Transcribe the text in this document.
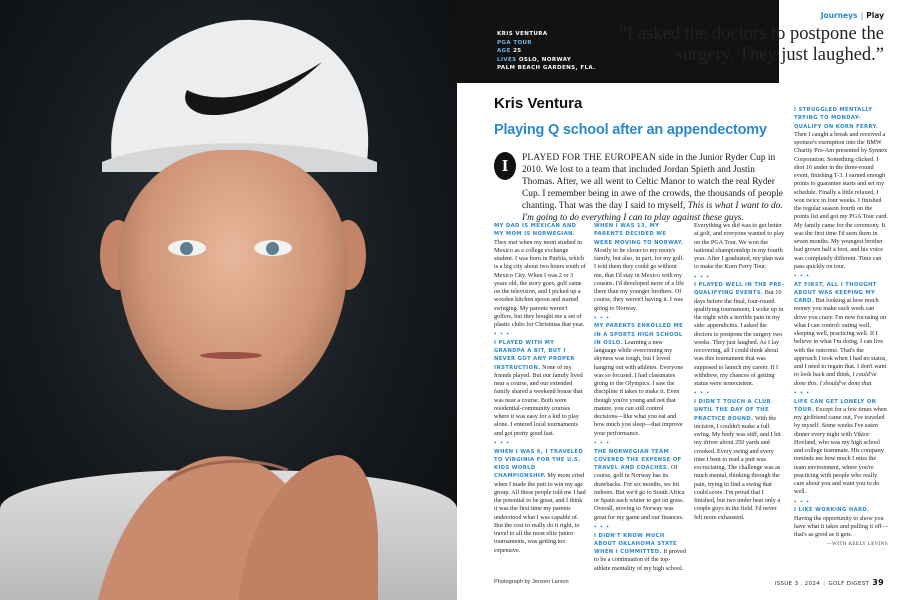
KRIS VENTURA
PGA TOUR
AGE 25
LIVES OSLO, NORWAY
PALM BEACH GARDENS, FLA.
Journeys | Play
“I asked the doctors to postpone the surgery. They just laughed.”
Kris Ventura
Playing Q school after an appendectomy
PLAYED FOR THE EUROPEAN side in the Junior Ryder Cup in 2010. We lost to a team that included Jordan Spieth and Justin Thomas. After, we all went to Celtic Manor to watch the real Ryder Cup. I remember being in awe of the crowds, the thousands of people chanting. That was the day I said to myself, This is what I want to do. I'm going to do everything I can to play against these guys.
I
MY DAD IS MEXICAN AND MY MOM IS NORWEGIAN. They met when my mom studied in Mexico as a college exchange student. I was born in Puebla, which is a big city about two hours south of Mexico City. When I was 2 or 3 years old, the story goes, golf came on the television, and I picked up a wooden kitchen spoon and started swinging. My parents weren't golfers, but they bought me a set of plastic clubs for Christmas that year.
• • •
I PLAYED WITH MY GRANDPA A BIT, BUT I NEVER GOT ANY PROPER INSTRUCTION. None of my friends played. But our family lived near a course, and our extended family shared a weekend house that was near a course. Both were residential-community courses where it was easy for a kid to play alone. I entered local tournaments and got pretty good fast.
• • •
WHEN I WAS 6, I TRAVELED TO VIRGINIA FOR THE U.S. KIDS WORLD CHAMPIONSHIP. My mom cried when I made the putt to win my age group. All these people told me I had the potential to be great, and I think it was the first time my parents understood what I was capable of. But the cost to really do it right, to travel to all the most elite junior tournaments, was getting too expensive.
WHEN I WAS 13, MY PARENTS DECIDED WE WERE MOVING TO NORWAY. Mostly to be closer to my mom's family, but also, in part, for my golf. I told them they could go without me, that I'd stay in Mexico with my cousins. I'd developed more of a life there than my younger brothers. Of course, they weren't having it. I was going to Norway.
• • •
MY PARENTS ENROLLED ME IN A SPORTS HIGH SCHOOL IN OSLO. Learning a new language while overcoming my shyness was tough, but I loved hanging out with athletes. Everyone was so focused. I had classmates going to the Olympics. I saw the discipline it takes to make it. Even though you're young and not that mature, you can still control decisions—like what you eat and how much you sleep—that improve your performance.
• • •
THE NORWEGIAN TEAM COVERED THE EXPENSE OF TRAVEL AND COACHES. Of course, golf in Norway has its drawbacks. For six months, we hit indoors. But we'd go to South Africa or Spain each winter to get on grass. Overall, moving to Norway was great for my game and our finances.
• • •
I DIDN'T KNOW MUCH ABOUT OKLAHOMA STATE WHEN I COMMITTED. It proved to be a continuation of the top-athlete mentality of my high school.
Everything we did was to get better at golf, and everyone wanted to play on the PGA Tour. We won the national championship in my fourth year. After I graduated, my plan was to make the Korn Ferry Tour.
• • •
I PLAYED WELL IN THE PRE-QUALIFYING EVENTS. But 10 days before the final, four-round qualifying tournament, I woke up in the night with a terrible pain in my side: appendicitis. I asked the doctors to postpone the surgery two weeks. They just laughed. As I lay recovering, all I could think about was this tournament that was supposed to launch my career. If I withdrew, my chances of getting status were nonexistent.
• • •
I DIDN'T TOUCH A CLUB UNTIL THE DAY OF THE PRACTICE ROUND. With the incision, I couldn't make a full swing. My body was stiff, and I hit my driver about 250 yards and crooked. Every swing and every time I bent to read a putt was excruciating. The challenge was as much mental, thinking through the pain, trying to find a swing that could score. I'm proud that I finished, but two under beat only a couple guys in the field. I'd never felt more exhausted.
I STRUGGLED MENTALLY TRYING TO MONDAY-QUALIFY ON KORN FERRY. Then I caught a break and received a sponsor's exemption into the BMW Charity Pro-Am presented by Synnex Corporation. Something clicked. I shot 16 under in the three-round event, finishing T-3. I earned enough points to guarantee starts and set my schedule. Finally a little relaxed, I won twice in four weeks. I finished the regular season fourth on the points list and got my PGA Tour card. My family came for the ceremony. It was the first time I'd seen them in seven months. My youngest brother had grown half a foot, and his voice was completely different. Time can pass quickly on tour.
• • •
AT FIRST, ALL I THOUGHT ABOUT WAS KEEPING MY CARD. But looking at how much money you make each week can drive you crazy. I'm now focusing on what I can control: eating well, sleeping well, practicing well. If I believe in what I'm doing, I can live with the outcome. That's the approach I took when I had no status, and I need to regain that. I don't want to look back and think, I could've done this. I should've done that.
• • •
LIFE CAN GET LONELY ON TOUR. Except for a few times when my girlfriend came out, I've traveled by myself. Some weeks I've eaten dinner every night with Viktor Hovland, who was my high school and college teammate. His company reminds me how much I miss the team environment, where you're practicing with people who really care about you and want you to do well.
• • •
I LIKE WORKING HARD. Having the opportunity to show you have what it takes and pulling it off—that's as good as it gets.
—WITH KEELY LEVINS
Photograph by Jensen Larson	ISSUE 3 . 2024 | GOLF DIGEST 39
